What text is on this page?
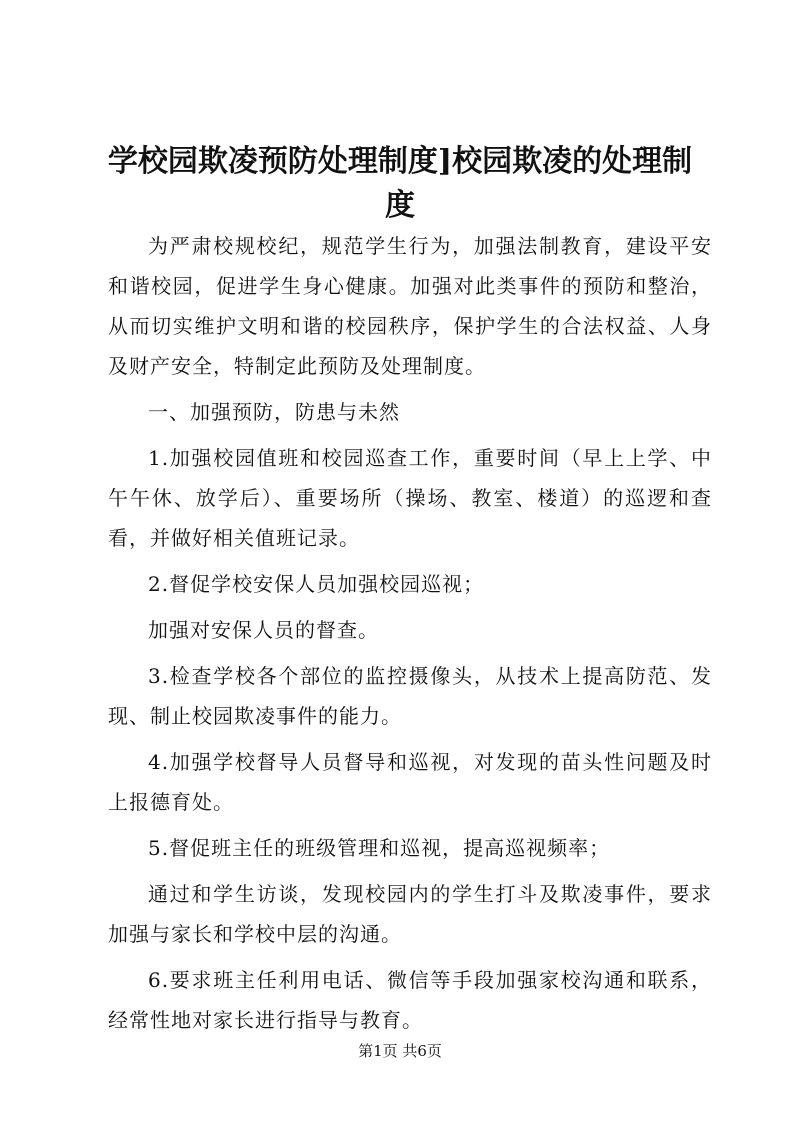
学校园欺凌预防处理制度]校园欺凌的处理制度

为严肃校规校纪，规范学生行为，加强法制教育，建设平安和谐校园，促进学生身心健康。加强对此类事件的预防和整治，从而切实维护文明和谐的校园秩序，保护学生的合法权益、人身及财产安全，特制定此预防及处理制度。

一、加强预防，防患与未然

1.加强校园值班和校园巡查工作，重要时间（早上上学、中午午休、放学后）、重要场所（操场、教室、楼道）的巡逻和查看，并做好相关值班记录。

2.督促学校安保人员加强校园巡视；

加强对安保人员的督查。

3.检查学校各个部位的监控摄像头，从技术上提高防范、发现、制止校园欺凌事件的能力。

4.加强学校督导人员督导和巡视，对发现的苗头性问题及时上报德育处。

5.督促班主任的班级管理和巡视，提高巡视频率；

通过和学生访谈，发现校园内的学生打斗及欺凌事件，要求加强与家长和学校中层的沟通。

6.要求班主任利用电话、微信等手段加强家校沟通和联系，经常性地对家长进行指导与教育。

第1页 共6页
